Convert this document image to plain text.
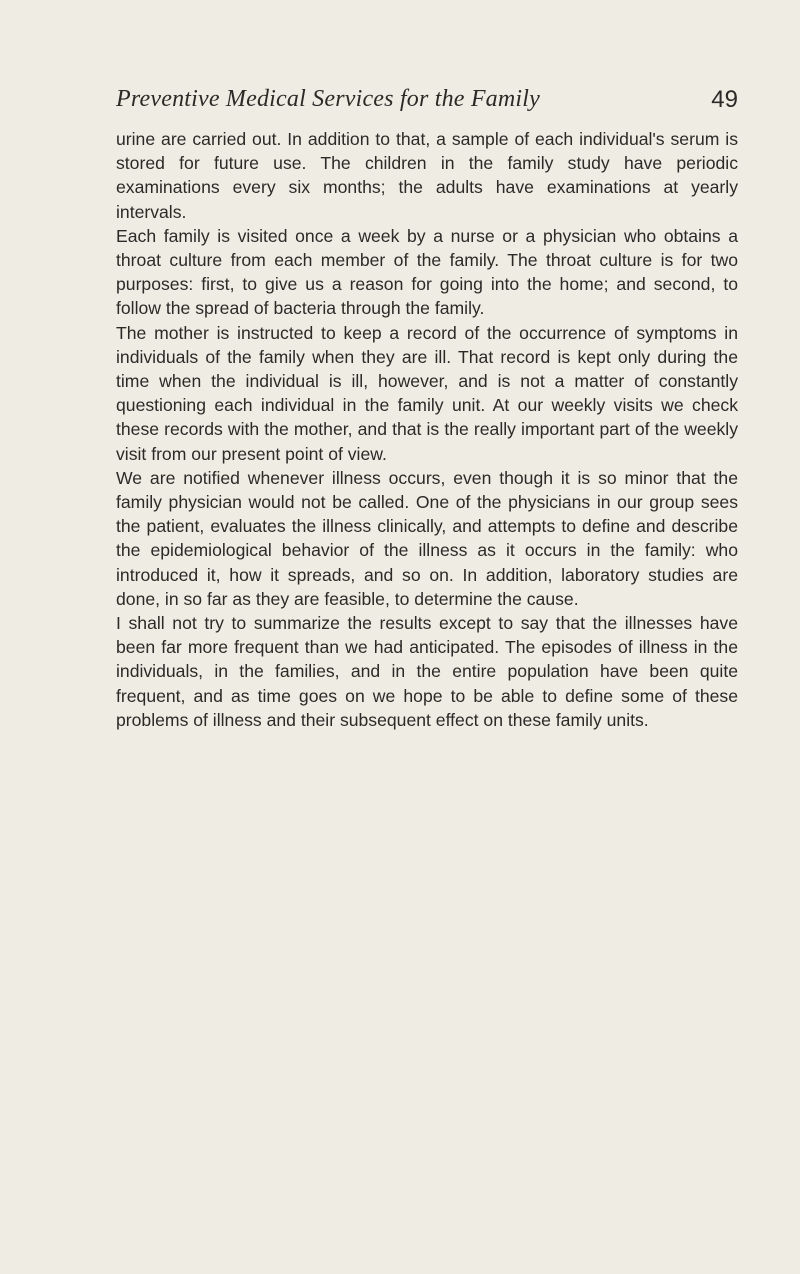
Preventive Medical Services for the Family	49

urine are carried out. In addition to that, a sample of each individual's serum is stored for future use. The children in the family study have periodic examinations every six months; the adults have examinations at yearly intervals.

Each family is visited once a week by a nurse or a physician who obtains a throat culture from each member of the family. The throat culture is for two purposes: first, to give us a reason for going into the home; and second, to follow the spread of bacteria through the family.

The mother is instructed to keep a record of the occurrence of symptoms in individuals of the family when they are ill. That record is kept only during the time when the individual is ill, however, and is not a matter of constantly questioning each individual in the family unit. At our weekly visits we check these records with the mother, and that is the really important part of the weekly visit from our present point of view.

We are notified whenever illness occurs, even though it is so minor that the family physician would not be called. One of the physicians in our group sees the patient, evaluates the illness clinically, and attempts to define and describe the epidemiological behavior of the illness as it occurs in the family: who introduced it, how it spreads, and so on. In addition, laboratory studies are done, in so far as they are feasible, to determine the cause.

I shall not try to summarize the results except to say that the illnesses have been far more frequent than we had anticipated. The episodes of illness in the individuals, in the families, and in the entire population have been quite frequent, and as time goes on we hope to be able to define some of these problems of illness and their subsequent effect on these family units.
